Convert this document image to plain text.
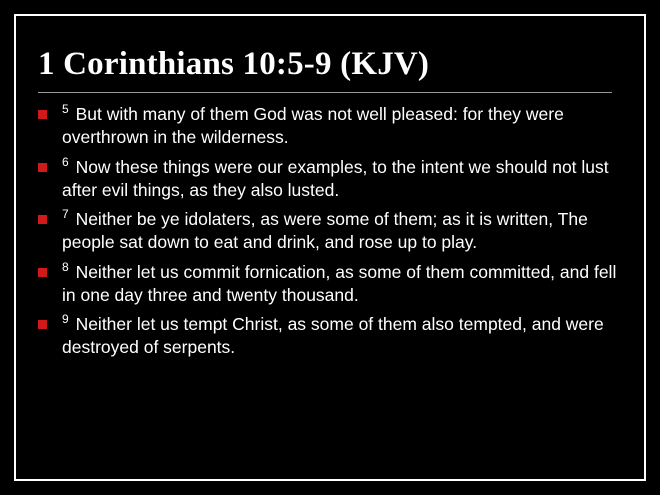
1 Corinthians 10:5-9 (KJV)
$^5$ But with many of them God was not well pleased: for they were overthrown in the wilderness.
$^6$ Now these things were our examples, to the intent we should not lust after evil things, as they also lusted.
$^7$ Neither be ye idolaters, as were some of them; as it is written, The people sat down to eat and drink, and rose up to play.
$^8$ Neither let us commit fornication, as some of them committed, and fell in one day three and twenty thousand.
$^9$ Neither let us tempt Christ, as some of them also tempted, and were destroyed of serpents.
